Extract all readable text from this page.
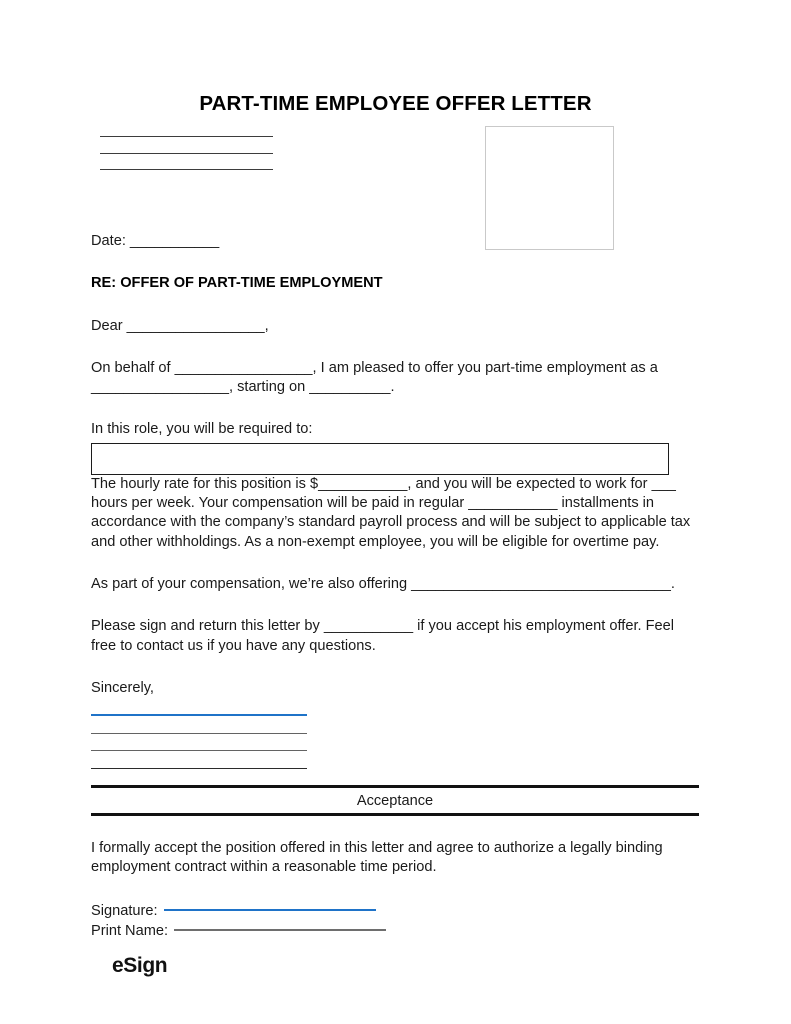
PART-TIME EMPLOYEE OFFER LETTER
Date: ___________
RE: OFFER OF PART-TIME EMPLOYMENT
Dear _________________,
On behalf of _________________, I am pleased to offer you part-time employment as a _________________, starting on __________.
In this role, you will be required to:
The hourly rate for this position is $___________, and you will be expected to work for ___ hours per week. Your compensation will be paid in regular ___________ installments in accordance with the company’s standard payroll process and will be subject to applicable tax and other withholdings. As a non-exempt employee, you will be eligible for overtime pay.
As part of your compensation, we’re also offering ________________________________.
Please sign and return this letter by ___________ if you accept his employment offer. Feel free to contact us if you have any questions.
Sincerely,
Acceptance
I formally accept the position offered in this letter and agree to authorize a legally binding employment contract within a reasonable time period.
Signature:
Print Name:
eSign
